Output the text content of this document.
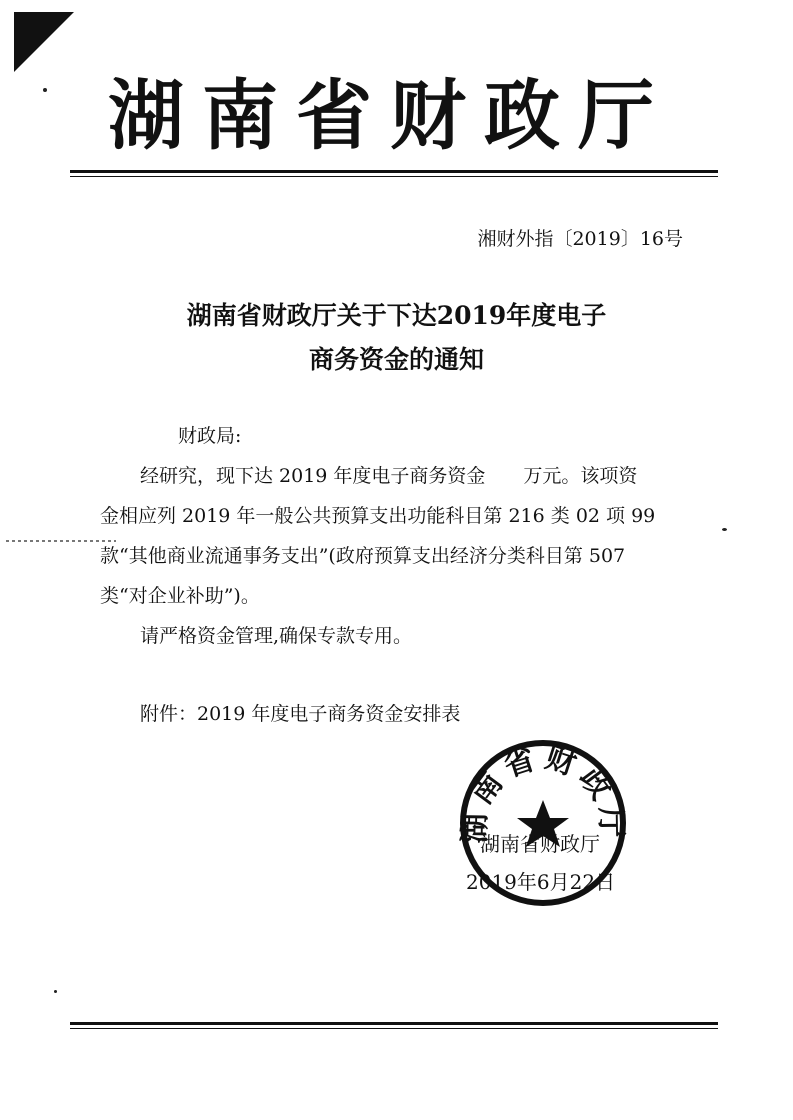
湖南省财政厅
湘财外指〔2019〕16号
湖南省财政厅关于下达2019年度电子
商务资金的通知
财政局:
经研究，现下达 2019 年度电子商务资金　　万元。该项资
金相应列 2019 年一般公共预算支出功能科目第 216 类 02 项 99
款“其他商业流通事务支出”(政府预算支出经济分类科目第 507
类“对企业补助”)。
请严格资金管理,确保专款专用。
附件：2019 年度电子商务资金安排表
湖南省财政厅
湖南省财政厅
2019年6月22日
